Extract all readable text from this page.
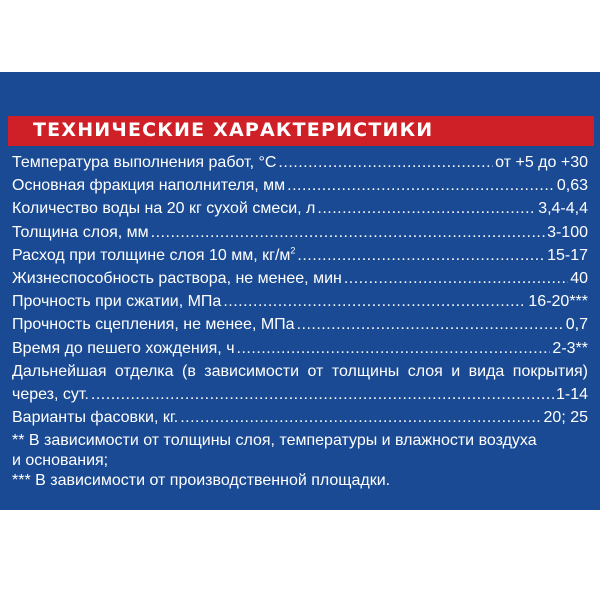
ТЕХНИЧЕСКИЕ ХАРАКТЕРИСТИКИ
Температура выполнения работ, °C .....	от +5 до +30
Основная фракция наполнителя, мм .....	0,63
Количество воды на 20 кг сухой смеси, л .....	3,4-4,4
Толщина слоя, мм .....	3-100
Расход при толщине слоя 10 мм, $кг/м^2$ .....	15-17
Жизнеспособность раствора, не менее, мин .....	40
Прочность при сжатии, МПа .....	16-20***
Прочность сцепления, не менее, МПа .....	0,7
Время до пешего хождения, ч .....	2-3**
Дальнейшая отделка (в зависимости от толщины слоя и вида покрытия)
через, сут. .....	1-14
Варианты фасовки, кг. .....	20; 25
** В зависимости от толщины слоя, температуры и влажности воздуха
и основания;
*** В зависимости от производственной площадки.
